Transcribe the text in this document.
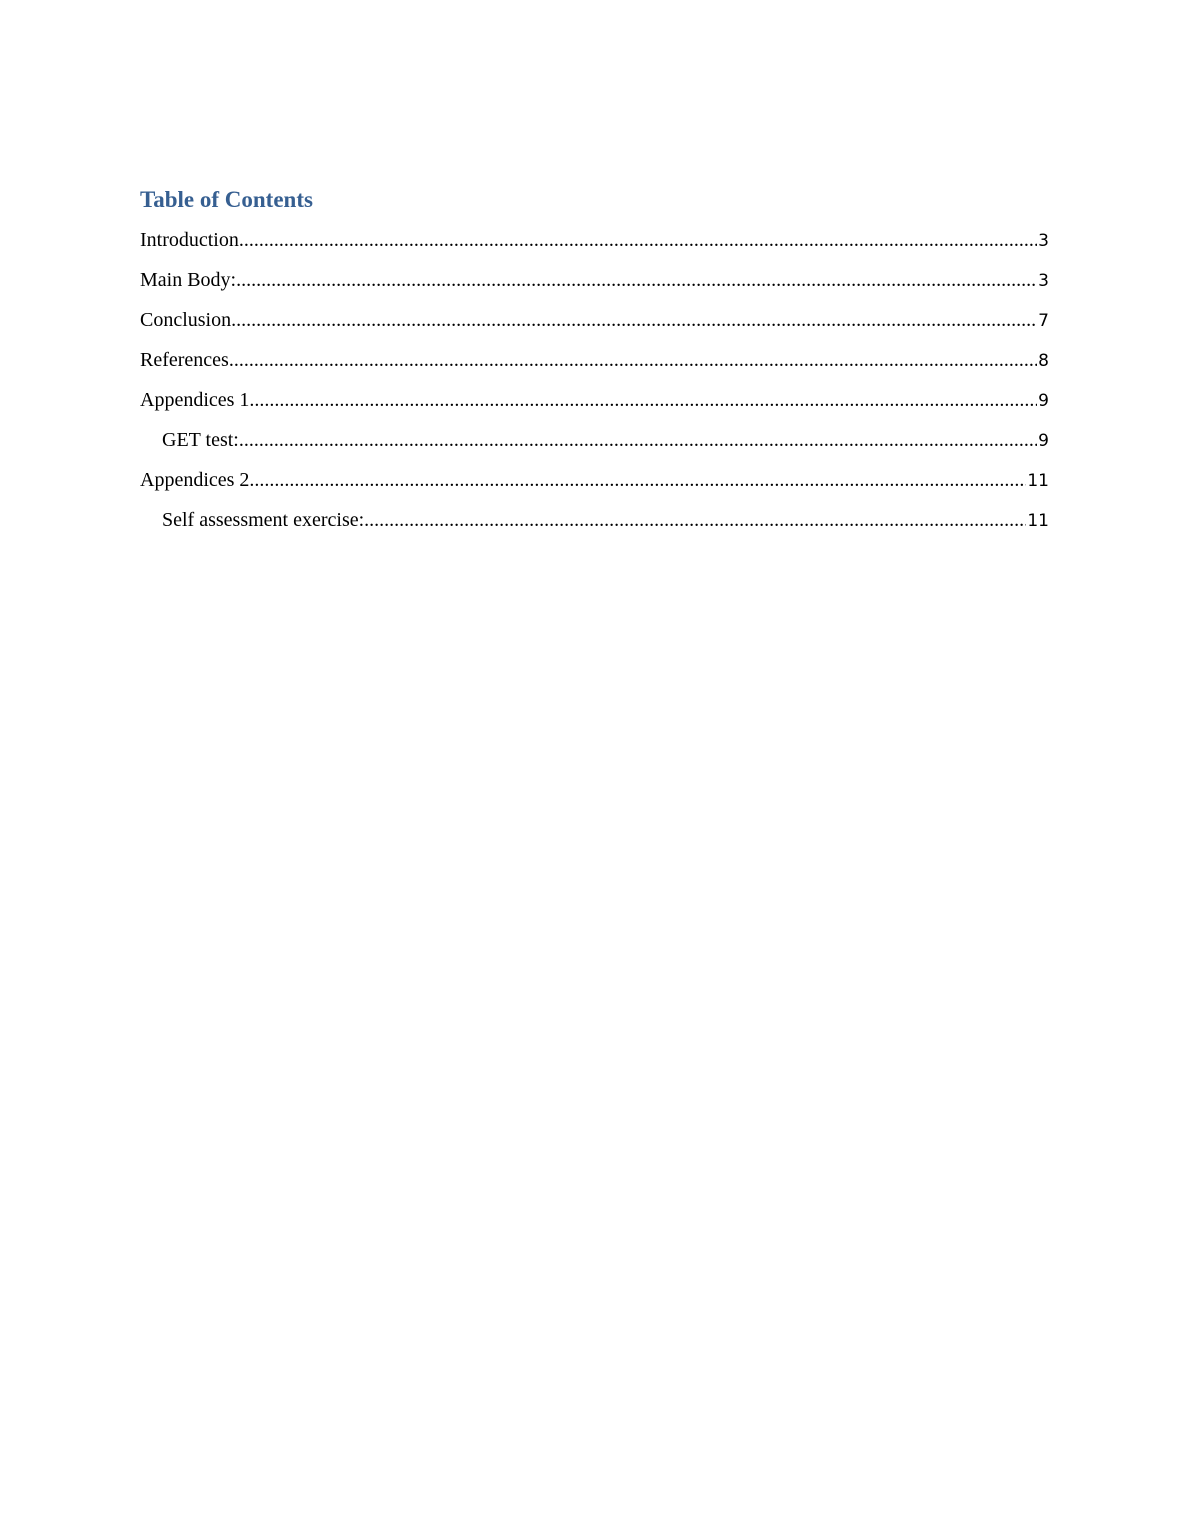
Table of Contents
Introduction .....	3
Main Body: .....	3
Conclusion .....	7
References .....	8
Appendices 1 .....	9
GET test: .....	9
Appendices 2 .....	11
Self assessment exercise: .....	11
